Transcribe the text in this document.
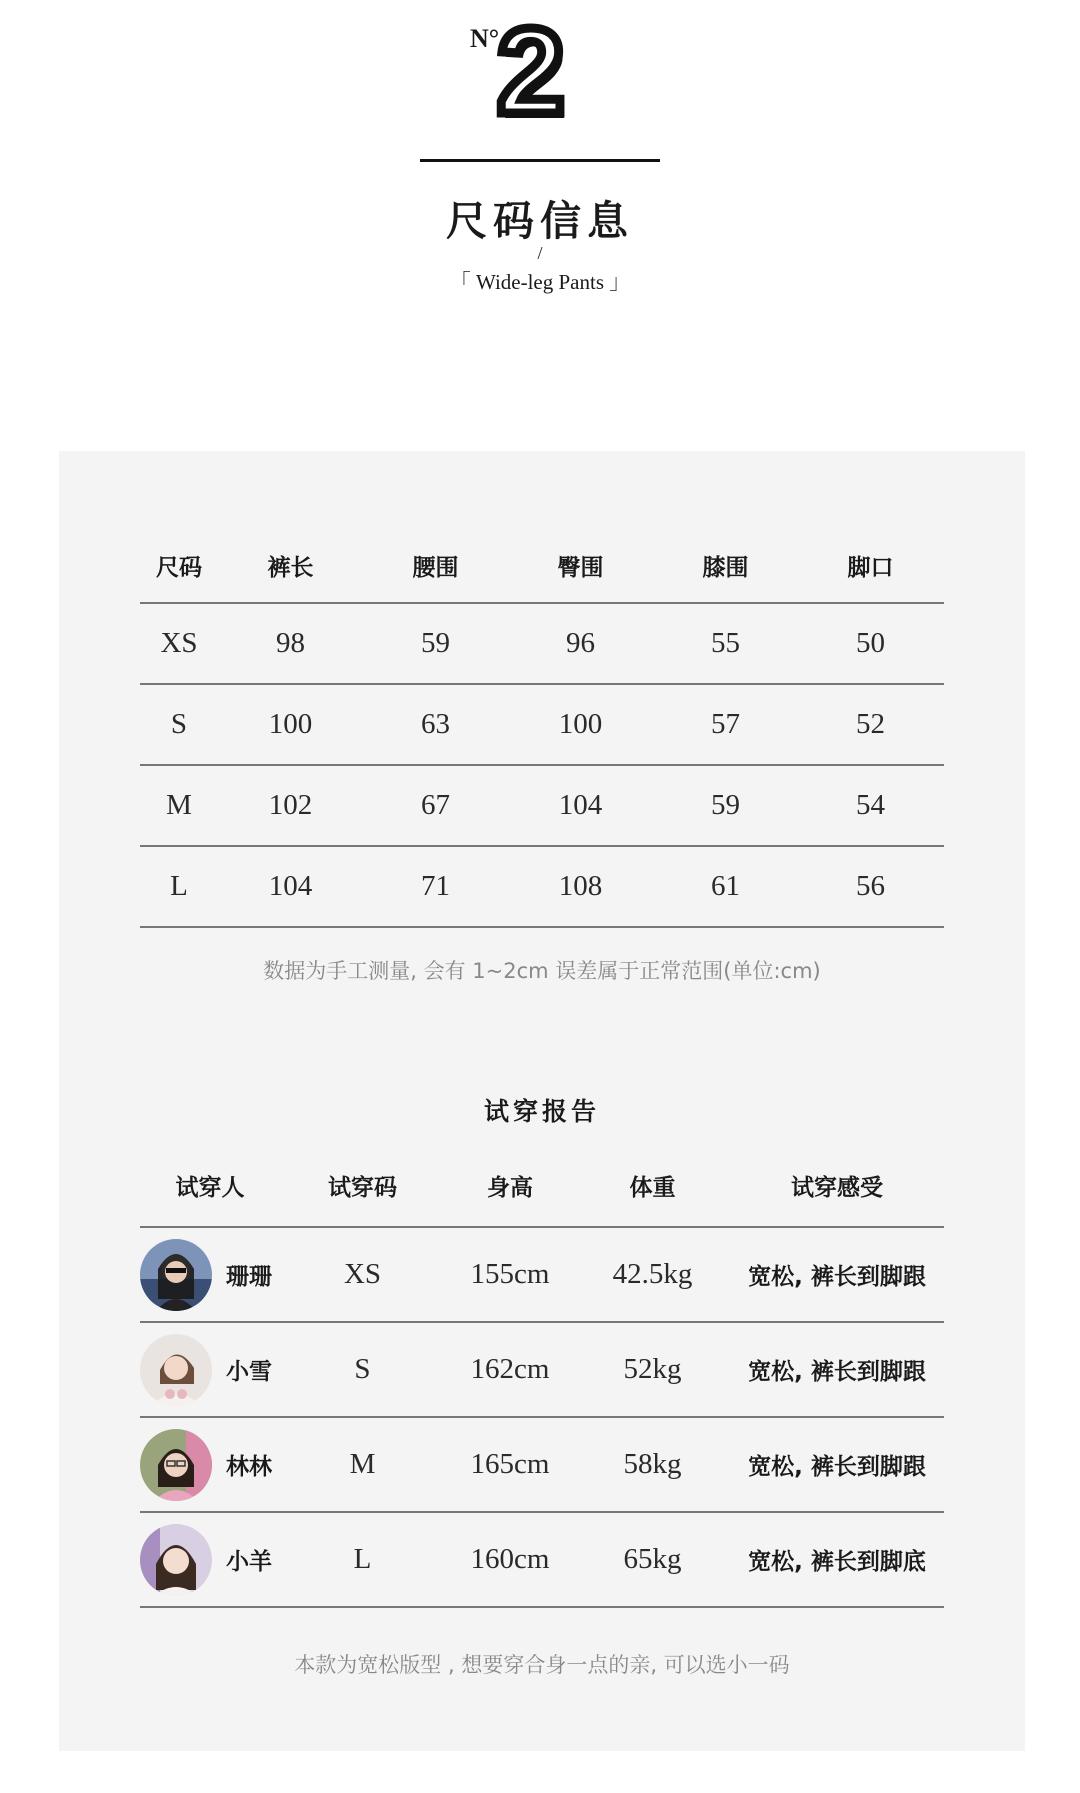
N°
2
尺码信息
/
「 Wide-leg Pants 」
尺码	裤长	腰围	臀围	膝围	脚口
XS	98	59	96	55	50
S	100	63	100	57	52
M	102	67	104	59	54
L	104	71	108	61	56
数据为手工测量, 会有 1~2cm 误差属于正常范围(单位:cm)
试穿报告
试穿人	试穿码	身高	体重	试穿感受
珊珊	XS	155cm	42.5kg	宽松, 裤长到脚跟
小雪	S	162cm	52kg	宽松, 裤长到脚跟
林林	M	165cm	58kg	宽松, 裤长到脚跟
小羊	L	160cm	65kg	宽松, 裤长到脚底
本款为宽松版型 , 想要穿合身一点的亲, 可以选小一码
